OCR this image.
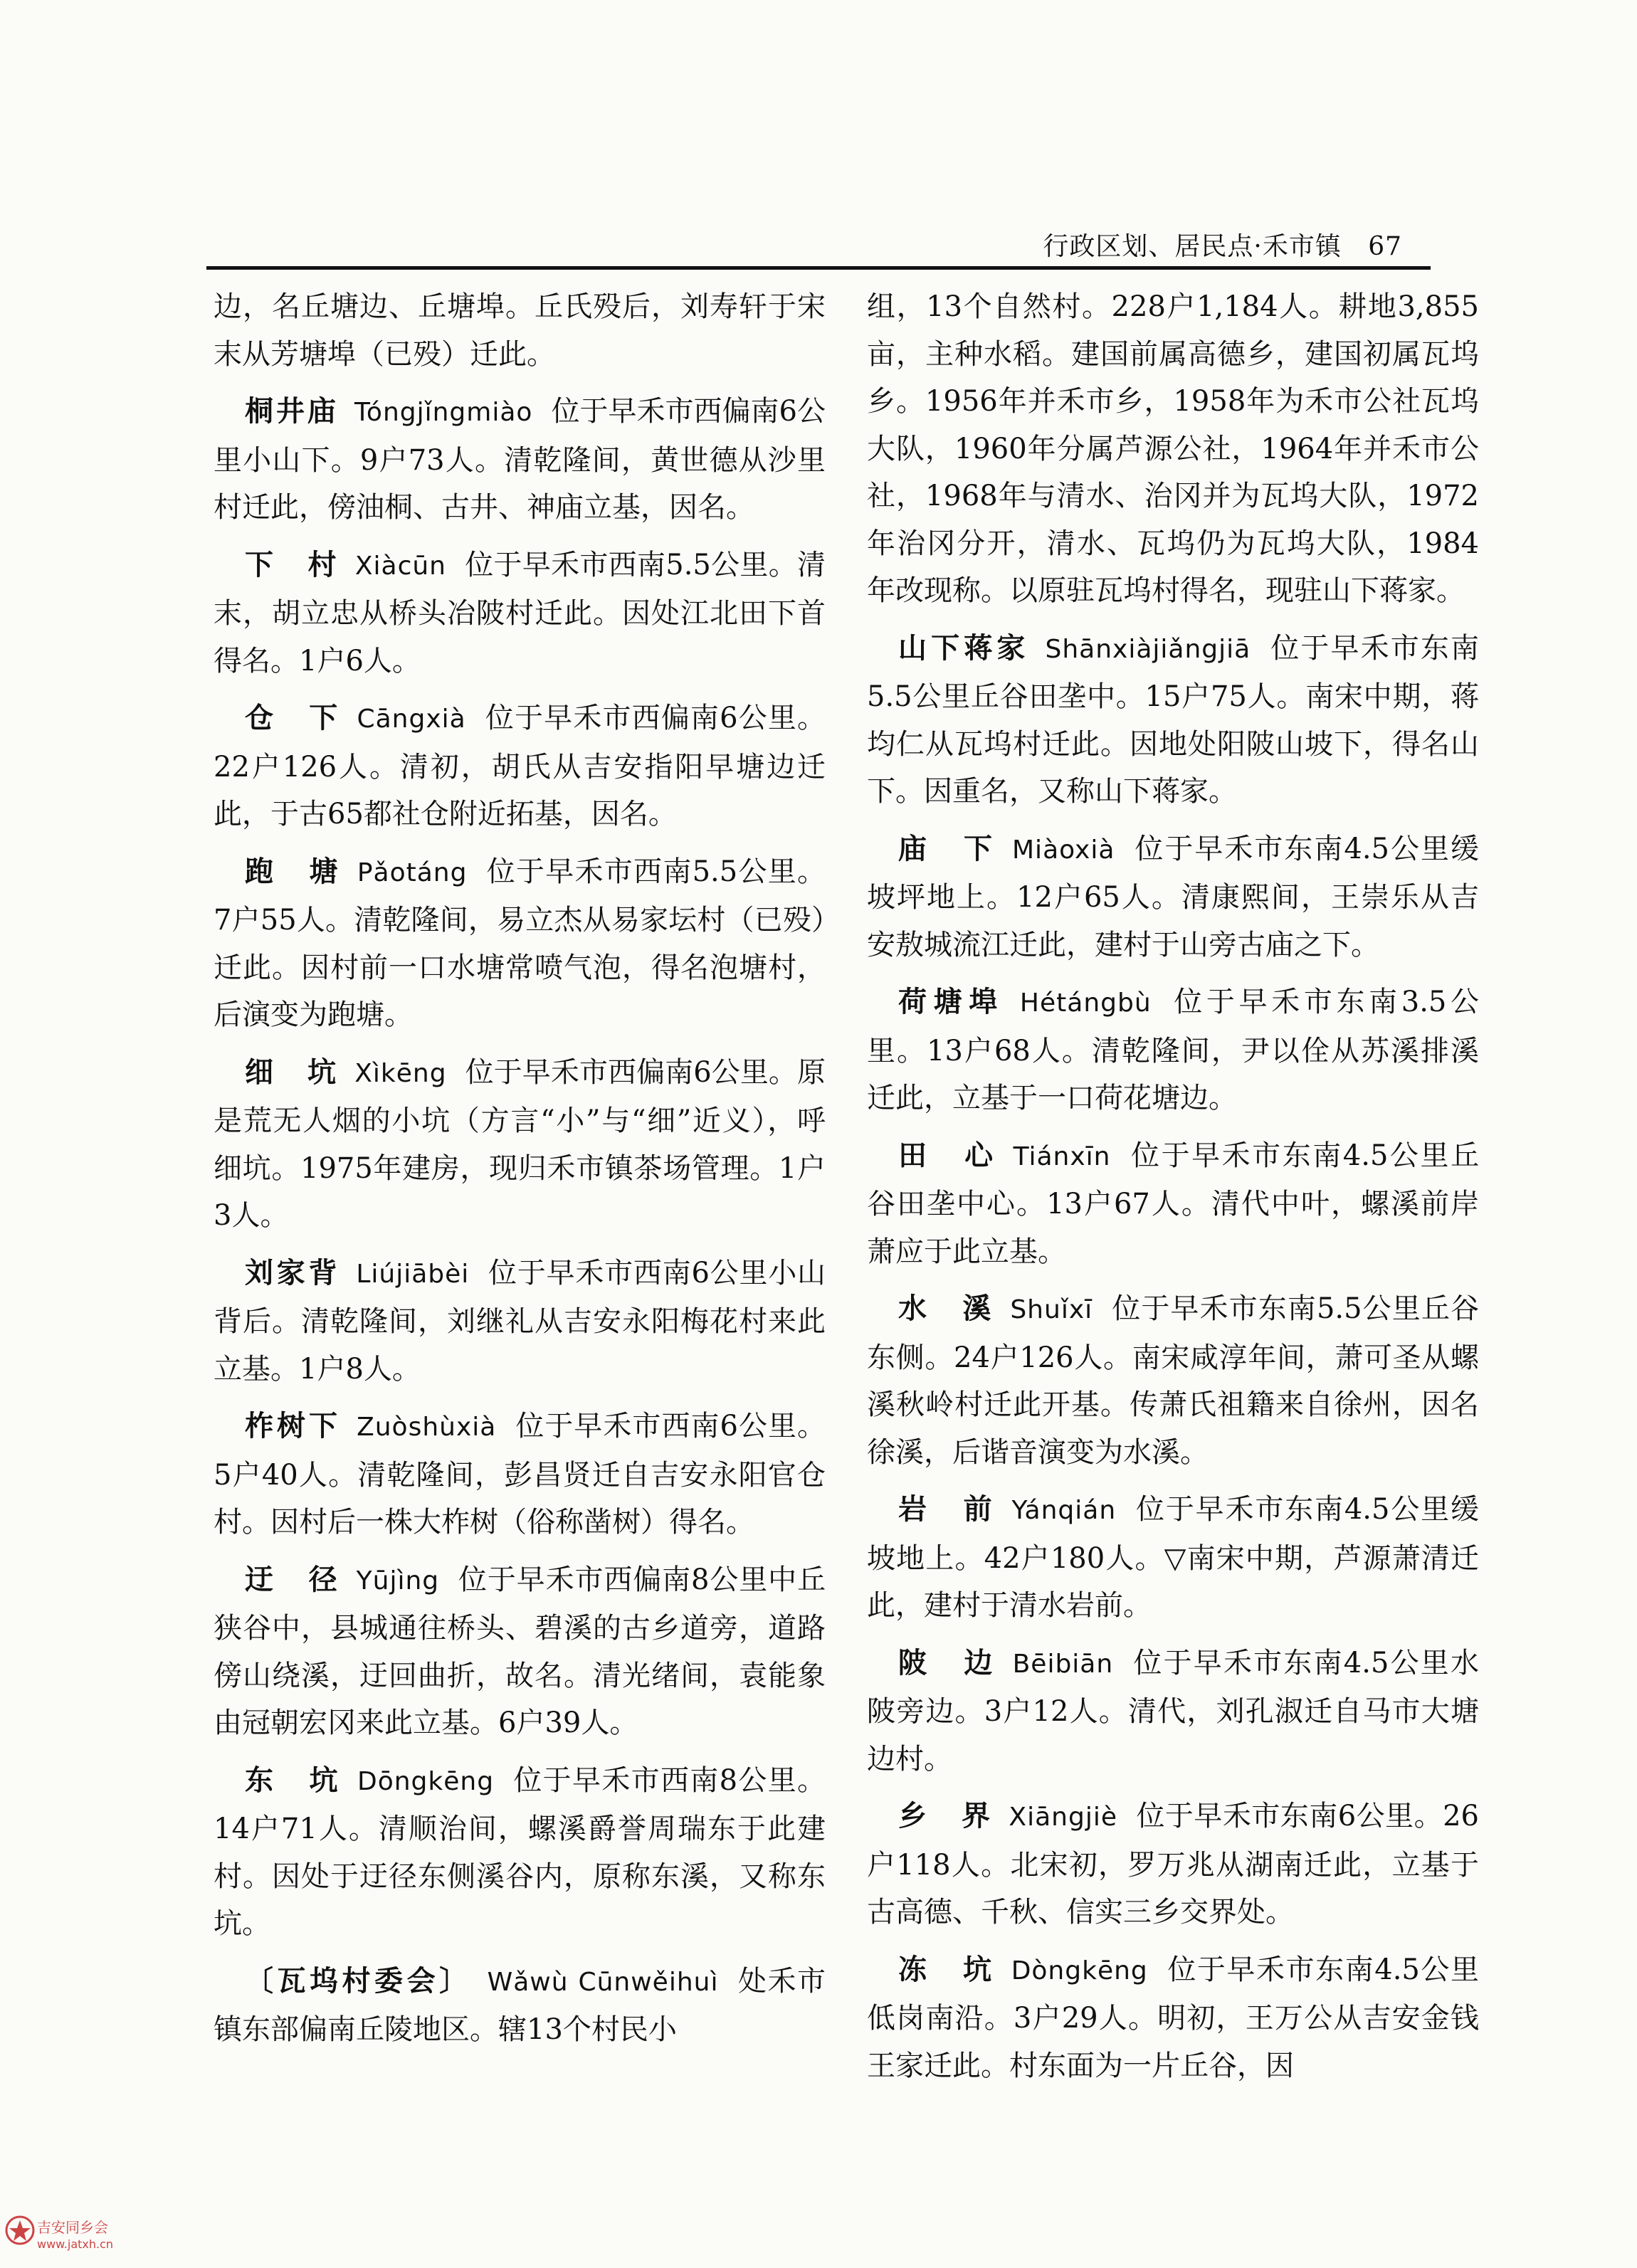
行政区划、居民点·禾市镇 67

边，名丘塘边、丘塘埠。丘氏殁后，刘寿轩于宋末从芳塘埠（已殁）迁此。

桐井庙 Tóngjǐngmiào 位于早禾市西偏南6公里小山下。9户73人。清乾隆间，黄世德从沙里村迁此，傍油桐、古井、神庙立基，因名。

下　村 Xiàcūn 位于早禾市西南5.5公里。清末，胡立忠从桥头冶陂村迁此。因处江北田下首得名。1户6人。

仓　下 Cāngxià 位于早禾市西偏南6公里。22户126人。清初，胡氏从吉安指阳早塘边迁此，于古65都社仓附近拓基，因名。

跑　塘 Pǎotáng 位于早禾市西南5.5公里。7户55人。清乾隆间，易立杰从易家坛村（已殁）迁此。因村前一口水塘常喷气泡，得名泡塘村，后演变为跑塘。

细　坑 Xìkēng 位于早禾市西偏南6公里。原是荒无人烟的小坑（方言“小”与“细”近义），呼细坑。1975年建房，现归禾市镇茶场管理。1户3人。

刘家背 Liújiābèi 位于早禾市西南6公里小山背后。清乾隆间，刘继礼从吉安永阳梅花村来此立基。1户8人。

柞树下 Zuòshùxià 位于早禾市西南6公里。5户40人。清乾隆间，彭昌贤迁自吉安永阳官仓村。因村后一株大柞树（俗称凿树）得名。

迂　径 Yūjìng 位于早禾市西偏南8公里中丘狭谷中，县城通往桥头、碧溪的古乡道旁，道路傍山绕溪，迂回曲折，故名。清光绪间，袁能象由冠朝宏冈来此立基。6户39人。

东　坑 Dōngkēng 位于早禾市西南8公里。14户71人。清顺治间，螺溪爵誉周瑞东于此建村。因处于迂径东侧溪谷内，原称东溪，又称东坑。

〔瓦坞村委会〕 Wǎwù Cūnwěihuì 处禾市镇东部偏南丘陵地区。辖13个村民小

组，13个自然村。228户1,184人。耕地3,855亩，主种水稻。建国前属高德乡，建国初属瓦坞乡。1956年并禾市乡，1958年为禾市公社瓦坞大队，1960年分属芦源公社，1964年并禾市公社，1968年与清水、治冈并为瓦坞大队，1972年治冈分开，清水、瓦坞仍为瓦坞大队，1984年改现称。以原驻瓦坞村得名，现驻山下蒋家。

山下蒋家 Shānxiàjiǎngjiā 位于早禾市东南5.5公里丘谷田垄中。15户75人。南宋中期，蒋均仁从瓦坞村迁此。因地处阳陂山坡下，得名山下。因重名，又称山下蒋家。

庙　下 Miàoxià 位于早禾市东南4.5公里缓坡坪地上。12户65人。清康熙间，王崇乐从吉安敖城流江迁此，建村于山旁古庙之下。

荷塘埠 Hétángbù 位于早禾市东南3.5公里。13户68人。清乾隆间，尹以佺从苏溪排溪迁此，立基于一口荷花塘边。

田　心 Tiánxīn 位于早禾市东南4.5公里丘谷田垄中心。13户67人。清代中叶，螺溪前岸萧应于此立基。

水　溪 Shuǐxī 位于早禾市东南5.5公里丘谷东侧。24户126人。南宋咸淳年间，萧可圣从螺溪秋岭村迁此开基。传萧氏祖籍来自徐州，因名徐溪，后谐音演变为水溪。

岩　前 Yánqián 位于早禾市东南4.5公里缓坡地上。42户180人。▽南宋中期，芦源萧清迁此，建村于清水岩前。

陂　边 Bēibiān 位于早禾市东南4.5公里水陂旁边。3户12人。清代，刘孔淑迁自马市大塘边村。

乡　界 Xiāngjiè 位于早禾市东南6公里。26户118人。北宋初，罗万兆从湖南迁此，立基于古高德、千秋、信实三乡交界处。

冻　坑 Dòngkēng 位于早禾市东南4.5公里低岗南沿。3户29人。明初，王万公从吉安金钱王家迁此。村东面为一片丘谷，因

吉安同乡会
www.jatxh.cn
